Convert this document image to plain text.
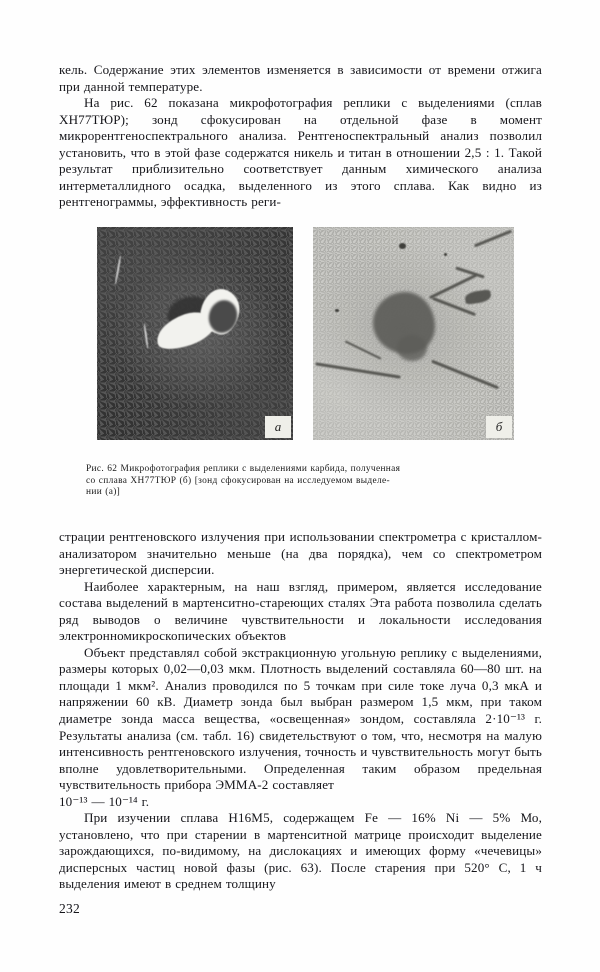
кель. Содержание этих элементов изменяется в зависимости от времени отжига при данной температуре.

На рис. 62 показана микрофотография реплики с выделениями (сплав ХН77ТЮР); зонд сфокусирован на отдельной фазе в момент микрорентгеноспектрального анализа. Рентгеноспектральный анализ позволил установить, что в этой фазе содержатся никель и титан в отношении 2,5 : 1. Такой результат приблизительно соответствует данным химического анализа интерметаллидного осадка, выделенного из этого сплава. Как видно из рентгенограммы, эффективность реги-

а	б
Рис. 62 Микрофотография реплики с выделениями карбида, полученная
со сплава ХН77ТЮР (б) [зонд сфокусирован на исследуемом выделе-
нии (а)]

страции рентгеновского излучения при использовании спектрометра с кристаллом-анализатором значительно меньше (на два порядка), чем со спектрометром энергетической дисперсии.

Наиболее характерным, на наш взгляд, примером, является исследование состава выделений в мартенситно-стареющих сталях Эта работа позволила сделать ряд выводов о величине чувствительности и локальности исследования электронномикроскопических объектов

Объект представлял собой экстракционную угольную реплику с выделениями, размеры которых 0,02—0,03 мкм. Плотность выделений составляла 60—80 шт. на площади 1 мкм². Анализ проводился по 5 точкам при силе токе луча 0,3 мкА и напряжении 60 кВ. Диаметр зонда был выбран размером 1,5 мкм, при таком диаметре зонда масса вещества, «освещенная» зондом, составляла 2·10⁻¹³ г. Результаты анализа (см. табл. 16) свидетельствуют о том, что, несмотря на малую интенсивность рентгеновского излучения, точность и чувствительность могут быть вполне удовлетворительными. Определенная таким образом предельная чувствительность прибора ЭММА-2 составляет

10⁻¹³ — 10⁻¹⁴ г.

При изучении сплава Н16М5, содержащем Fe — 16% Ni — 5% Мо, установлено, что при старении в мартенситной матрице происходит выделение зарождающихся, по-видимому, на дислокациях и имеющих форму «чечевицы» дисперсных частиц новой фазы (рис. 63). После старения при 520° С, 1 ч выделения имеют в среднем толщину

232
